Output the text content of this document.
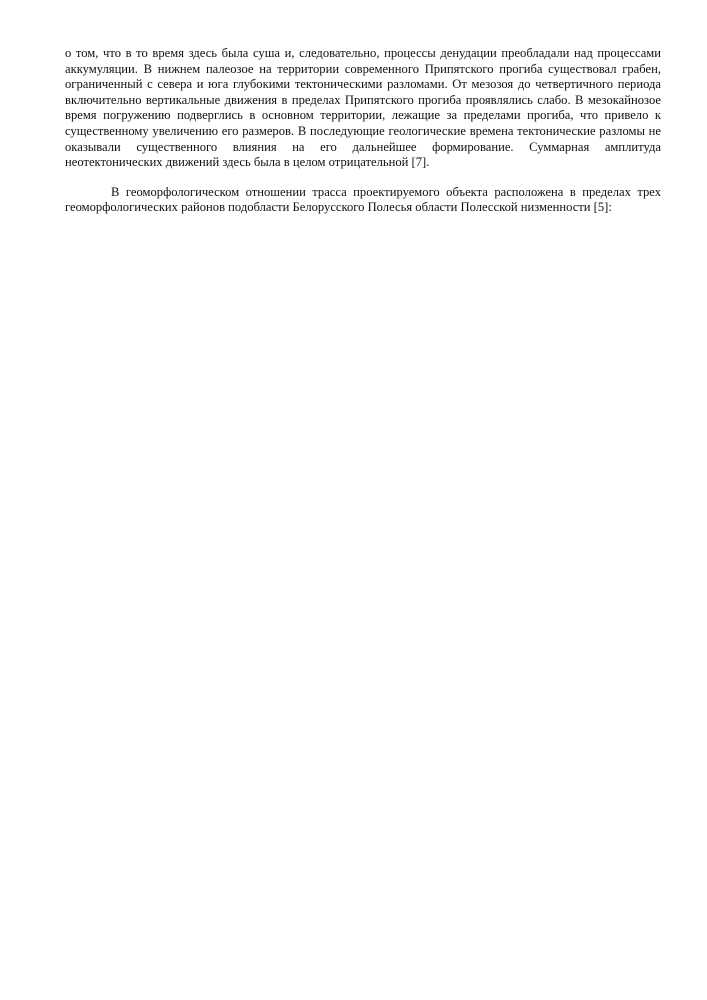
о том, что в то время здесь была суша и, следовательно, процессы денудации преобладали над процессами аккумуляции. В нижнем палеозое на территории современного Припятского прогиба существовал грабен, ограниченный с севера и юга глубокими тектоническими разломами. От мезозоя до четвертичного периода включительно вертикальные движения в пределах Припятского прогиба проявлялись слабо. В мезокайнозое время погружению подверглись в основном территории, лежащие за пределами прогиба, что привело к существенному увеличению его размеров. В последующие геологические времена тектонические разломы не оказывали существенного влияния на его дальнейшее формирование. Суммарная амплитуда неотектонических движений здесь была в целом отрицательной [7].

В геоморфологическом отношении трасса проектируемого объекта расположена в пределах трех геоморфологических районов подобласти Белорусского Полесья области Полесской низменности [5]:
